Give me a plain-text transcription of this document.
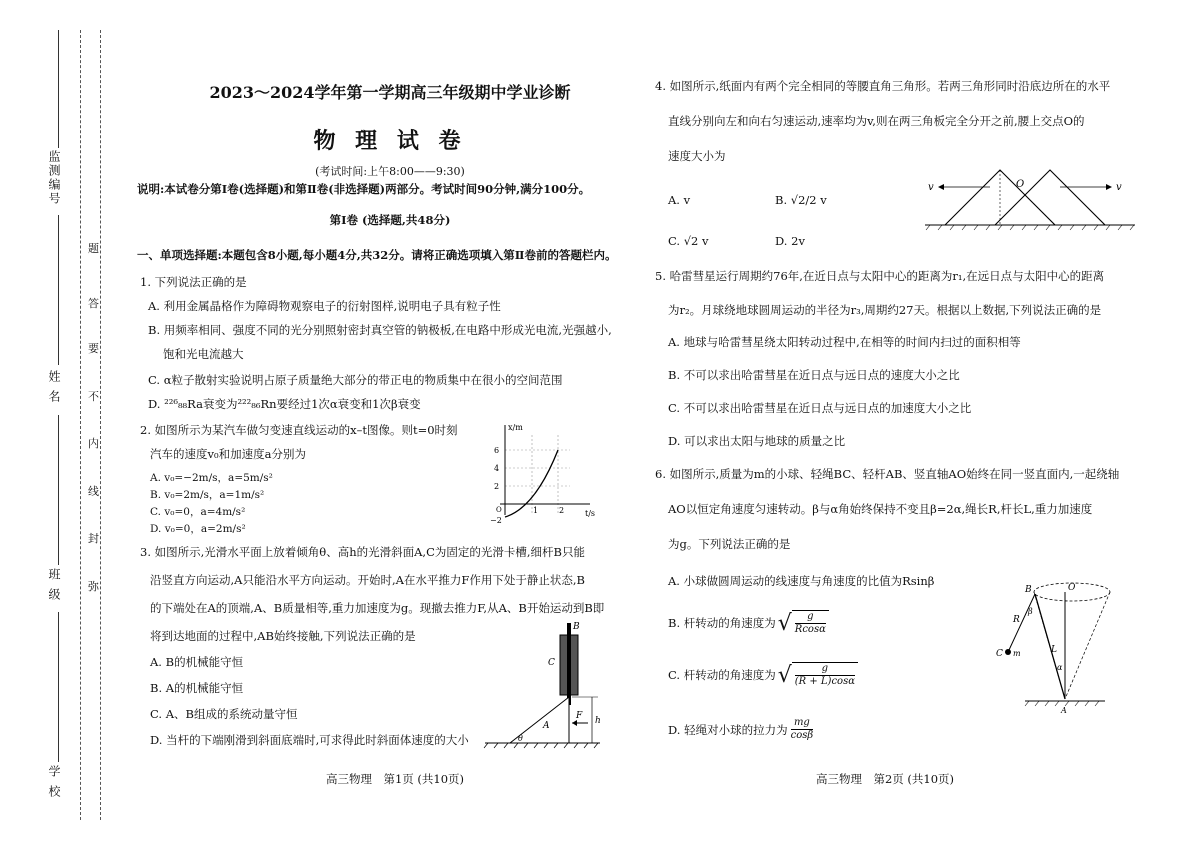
监测编号
姓 名
班 级
学 校
题
答
要
不
内
线
封
弥
2023～2024学年第一学期高三年级期中学业诊断
物 理 试 卷
(考试时间:上午8:00——9:30)
说明:本试卷分第Ⅰ卷(选择题)和第Ⅱ卷(非选择题)两部分。考试时间90分钟,满分100分。
第Ⅰ卷 (选择题,共48分)
一、单项选择题:本题包含8小题,每小题4分,共32分。请将正确选项填入第Ⅱ卷前的答题栏内。
1. 下列说法正确的是
A. 利用金属晶格作为障碍物观察电子的衍射图样,说明电子具有粒子性
B. 用频率相同、强度不同的光分别照射密封真空管的钠极板,在电路中形成光电流,光强越小,
饱和光电流越大
C. α粒子散射实验说明占原子质量绝大部分的带正电的物质集中在很小的空间范围
D. ²²⁶₈₈Ra衰变为²²²₈₆Rn要经过1次α衰变和1次β衰变
2. 如图所示为某汽车做匀变速直线运动的x–t图像。则t=0时刻
汽车的速度v₀和加速度a分别为
A. v₀=−2m/s，a=5m/s²
B. v₀=2m/s，a=1m/s²
C. v₀=0，a=4m/s²
D. v₀=0，a=2m/s²
x/m
t/s
6
4
2
O
−2
1	2
3. 如图所示,光滑水平面上放着倾角θ、高h的光滑斜面A,C为固定的光滑卡槽,细杆B只能
沿竖直方向运动,A只能沿水平方向运动。开始时,A在水平推力F作用下处于静止状态,B
的下端处在A的顶端,A、B质量相等,重力加速度为g。现撤去推力F,从A、B开始运动到B即
将到达地面的过程中,AB始终接触,下列说法正确的是
A. B的机械能守恒
B. A的机械能守恒
C. A、B组成的系统动量守恒
D. 当杆的下端刚滑到斜面底端时,可求得此时斜面体速度的大小
B
C
A
F h
θ
高三物理　第1页 (共10页)
4. 如图所示,纸面内有两个完全相同的等腰直角三角形。若两三角形同时沿底边所在的水平
直线分别向左和向右匀速运动,速率均为v,则在两三角板完全分开之前,腰上交点O的
速度大小为
A. v	B. √2/2 v
C. √2 v	D. 2v
v	v
O
5. 哈雷彗星运行周期约76年,在近日点与太阳中心的距离为r₁,在远日点与太阳中心的距离
为r₂。月球绕地球圆周运动的半径为r₃,周期约27天。根据以上数据,下列说法正确的是
A. 地球与哈雷彗星绕太阳转动过程中,在相等的时间内扫过的面积相等
B. 不可以求出哈雷彗星在近日点与远日点的速度大小之比
C. 不可以求出哈雷彗星在近日点与远日点的加速度大小之比
D. 可以求出太阳与地球的质量之比
6. 如图所示,质量为m的小球、轻绳BC、轻杆AB、竖直轴AO始终在同一竖直面内,一起绕轴
AO以恒定角速度匀速转动。β与α角始终保持不变且β=2α,绳长R,杆长L,重力加速度
为g。下列说法正确的是
A. 小球做圆周运动的线速度与角速度的比值为Rsinβ
B. 杆转动的角速度为 √ $\frac{g}{Rcos\alpha}$
C. 杆转动的角速度为 √ $\frac{g}{(R + L)\cos\alpha}$
D. 轻绳对小球的拉力为 $\frac{mg}{\cos\beta}$
O
B
β
R
L
α
C m
A
高三物理　第2页 (共10页)
